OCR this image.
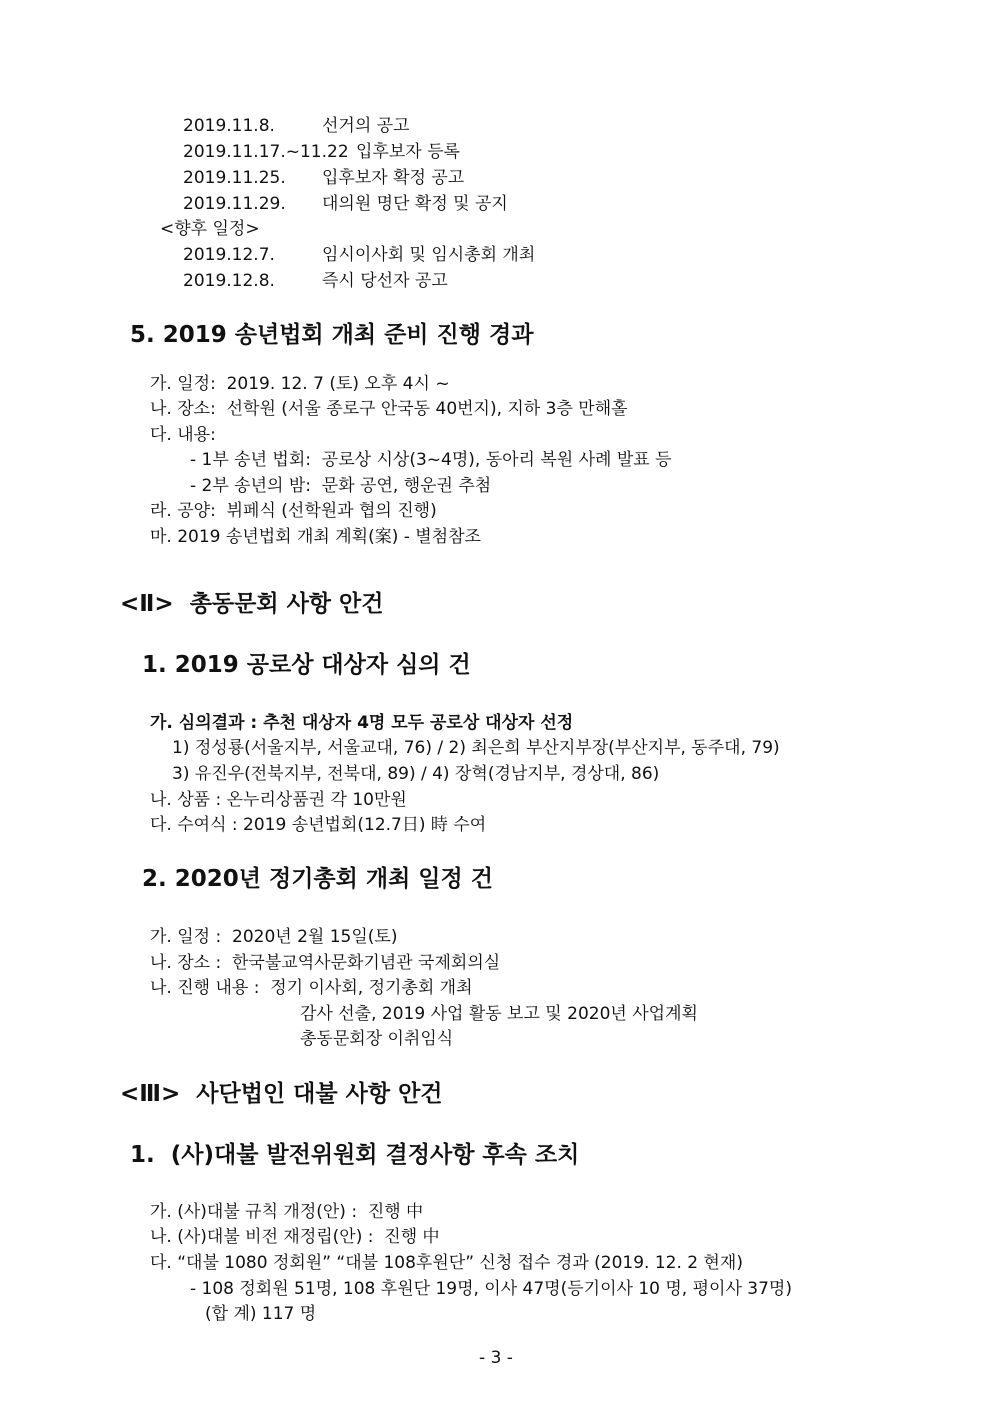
2019.11.8.	선거의 공고
2019.11.17.~11.22 입후보자 등록
2019.11.25. 입후보자 확정 공고
2019.11.29. 대의원 명단 확정 및 공지
<향후 일정>
2019.12.7.	임시이사회 및 임시총회 개최
2019.12.8.	즉시 당선자 공고
5. 2019 송년법회 개최 준비 진행 경과
가. 일정:  2019. 12. 7 (토) 오후 4시 ~
나. 장소:  선학원 (서울 종로구 안국동 40번지), 지하 3층 만해홀
다. 내용:
- 1부 송년 법회:  공로상 시상(3~4명), 동아리 복원 사례 발표 등
- 2부 송년의 밤:  문화 공연, 행운권 추첨
라. 공양:  뷔페식 (선학원과 협의 진행)
마. 2019 송년법회 개최 계획(案) - 별첨참조
<Ⅱ>  총동문회 사항 안건
1. 2019 공로상 대상자 심의 건
가. 심의결과 : 추천 대상자 4명 모두 공로상 대상자 선정
1) 정성룡(서울지부, 서울교대, 76) / 2) 최은희 부산지부장(부산지부, 동주대, 79)
3) 유진우(전북지부, 전북대, 89) / 4) 장혁(경남지부, 경상대, 86)
나. 상품 : 온누리상품권 각 10만원
다. 수여식 : 2019 송년법회(12.7日) 時 수여
2. 2020년 정기총회 개최 일정 건
가. 일정 :  2020년 2월 15일(토)
나. 장소 :  한국불교역사문화기념관 국제회의실
나. 진행 내용 :  정기 이사회, 정기총회 개최
감사 선출, 2019 사업 활동 보고 및 2020년 사업계획
총동문회장 이취임식
<Ⅲ>  사단법인 대불 사항 안건
1.  (사)대불 발전위원회 결정사항 후속 조치
가. (사)대불 규칙 개정(안) :  진행 中
나. (사)대불 비전 재정립(안) :  진행 中
다. “대불 1080 정회원” “대불 108후원단” 신청 접수 경과 (2019. 12. 2 현재)
- 108 정회원 51명, 108 후원단 19명, 이사 47명(등기이사 10 명, 평이사 37명)
(합 계) 117 명
- 3 -
